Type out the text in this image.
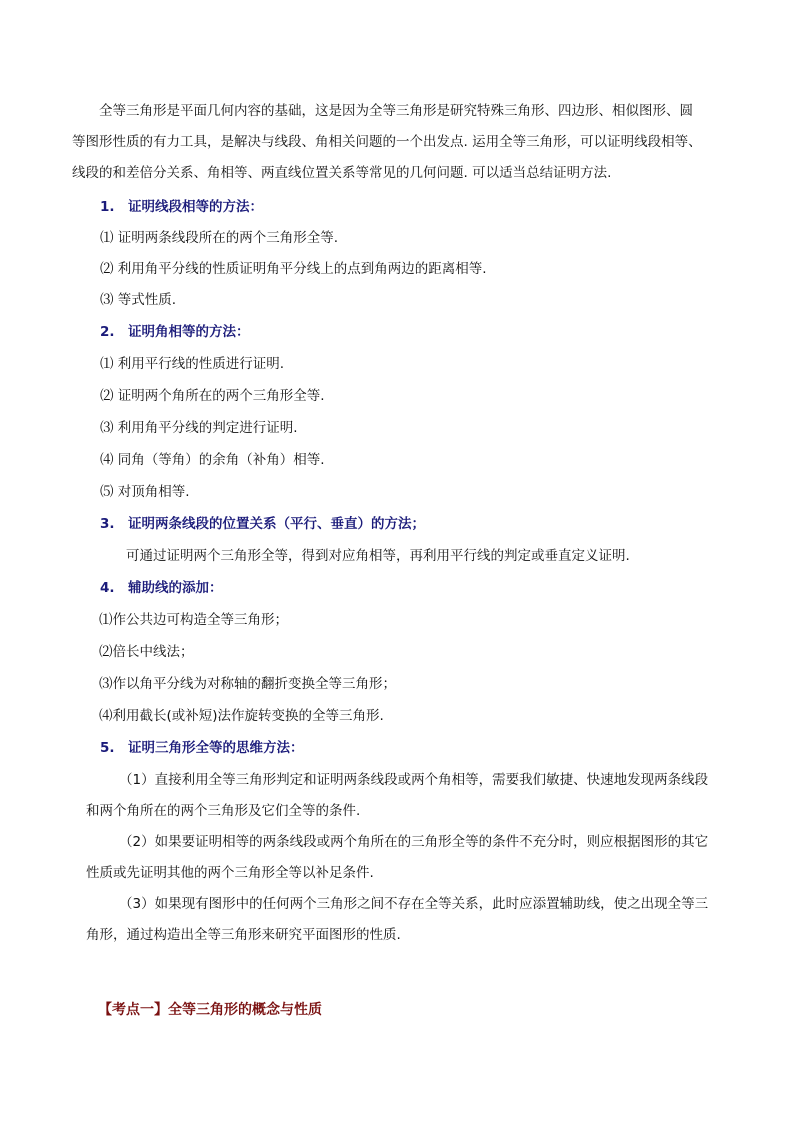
全等三角形是平面几何内容的基础，这是因为全等三角形是研究特殊三角形、四边形、相似图形、圆
等图形性质的有力工具，是解决与线段、角相关问题的一个出发点. 运用全等三角形，可以证明线段相等、
线段的和差倍分关系、角相等、两直线位置关系等常见的几何问题. 可以适当总结证明方法.
1. 证明线段相等的方法：
⑴ 证明两条线段所在的两个三角形全等.
⑵ 利用角平分线的性质证明角平分线上的点到角两边的距离相等.
⑶ 等式性质.
2. 证明角相等的方法：
⑴ 利用平行线的性质进行证明.
⑵ 证明两个角所在的两个三角形全等.
⑶ 利用角平分线的判定进行证明.
⑷ 同角（等角）的余角（补角）相等.
⑸ 对顶角相等.
3. 证明两条线段的位置关系（平行、垂直）的方法；
可通过证明两个三角形全等，得到对应角相等，再利用平行线的判定或垂直定义证明.
4. 辅助线的添加：
⑴作公共边可构造全等三角形；
⑵倍长中线法；
⑶作以角平分线为对称轴的翻折变换全等三角形；
⑷利用截长(或补短)法作旋转变换的全等三角形.
5. 证明三角形全等的思维方法：
（1）直接利用全等三角形判定和证明两条线段或两个角相等，需要我们敏捷、快速地发现两条线段
和两个角所在的两个三角形及它们全等的条件.
（2）如果要证明相等的两条线段或两个角所在的三角形全等的条件不充分时，则应根据图形的其它
性质或先证明其他的两个三角形全等以补足条件.
（3）如果现有图形中的任何两个三角形之间不存在全等关系，此时应添置辅助线，使之出现全等三
角形，通过构造出全等三角形来研究平面图形的性质.
【考点一】全等三角形的概念与性质
